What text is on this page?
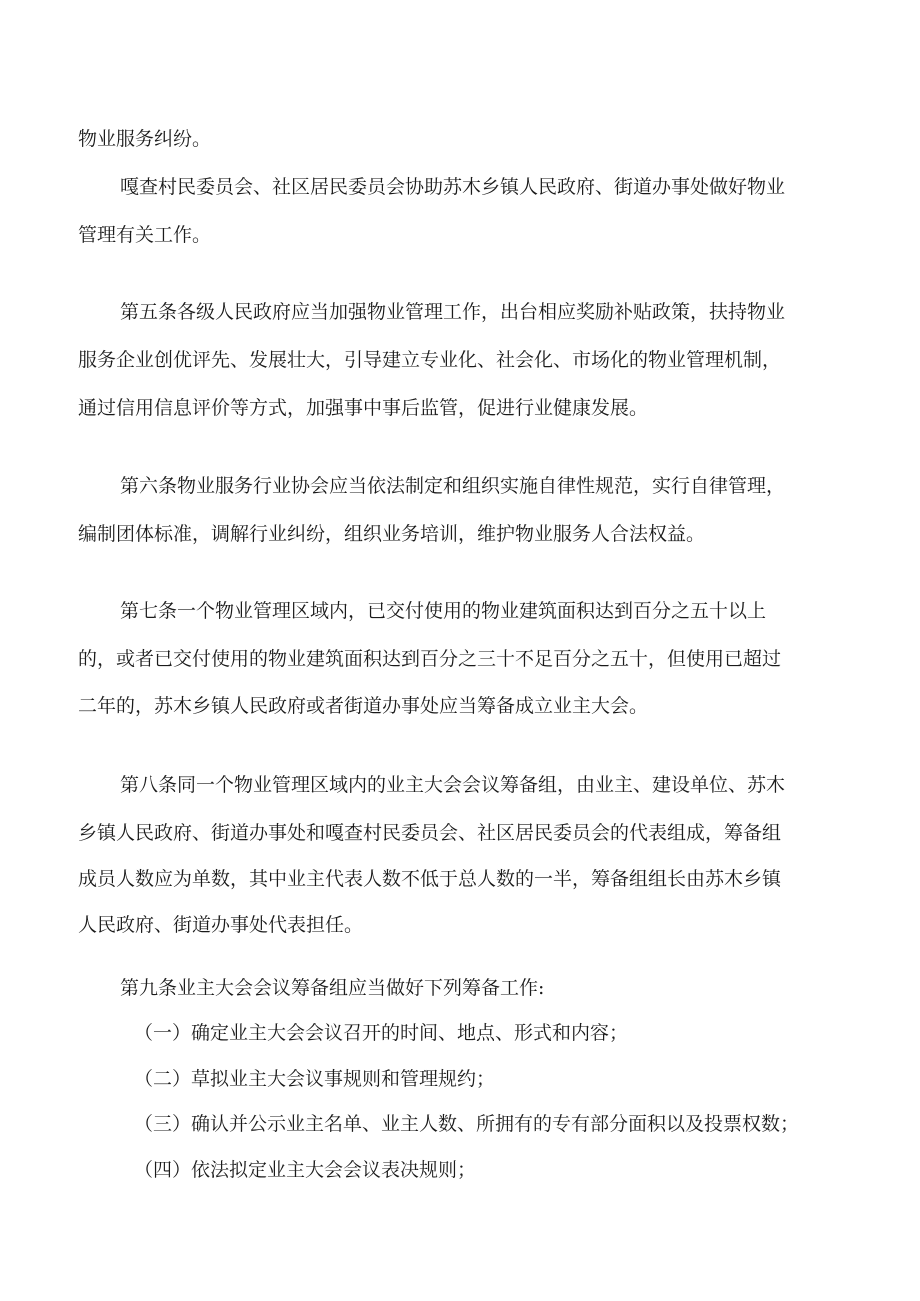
物业服务纠纷。

嘎查村民委员会、社区居民委员会协助苏木乡镇人民政府、街道办事处做好物业

管理有关工作。

第五条各级人民政府应当加强物业管理工作，出台相应奖励补贴政策，扶持物业

服务企业创优评先、发展壮大，引导建立专业化、社会化、市场化的物业管理机制，

通过信用信息评价等方式，加强事中事后监管，促进行业健康发展。

第六条物业服务行业协会应当依法制定和组织实施自律性规范，实行自律管理，

编制团体标准，调解行业纠纷，组织业务培训，维护物业服务人合法权益。

第七条一个物业管理区域内，已交付使用的物业建筑面积达到百分之五十以上

的，或者已交付使用的物业建筑面积达到百分之三十不足百分之五十，但使用已超过

二年的，苏木乡镇人民政府或者街道办事处应当筹备成立业主大会。

第八条同一个物业管理区域内的业主大会会议筹备组，由业主、建设单位、苏木

乡镇人民政府、街道办事处和嘎查村民委员会、社区居民委员会的代表组成，筹备组

成员人数应为单数，其中业主代表人数不低于总人数的一半，筹备组组长由苏木乡镇

人民政府、街道办事处代表担任。

第九条业主大会会议筹备组应当做好下列筹备工作:

（一）确定业主大会会议召开的时间、地点、形式和内容；

（二）草拟业主大会议事规则和管理规约；

（三）确认并公示业主名单、业主人数、所拥有的专有部分面积以及投票权数；

（四）依法拟定业主大会会议表决规则；
